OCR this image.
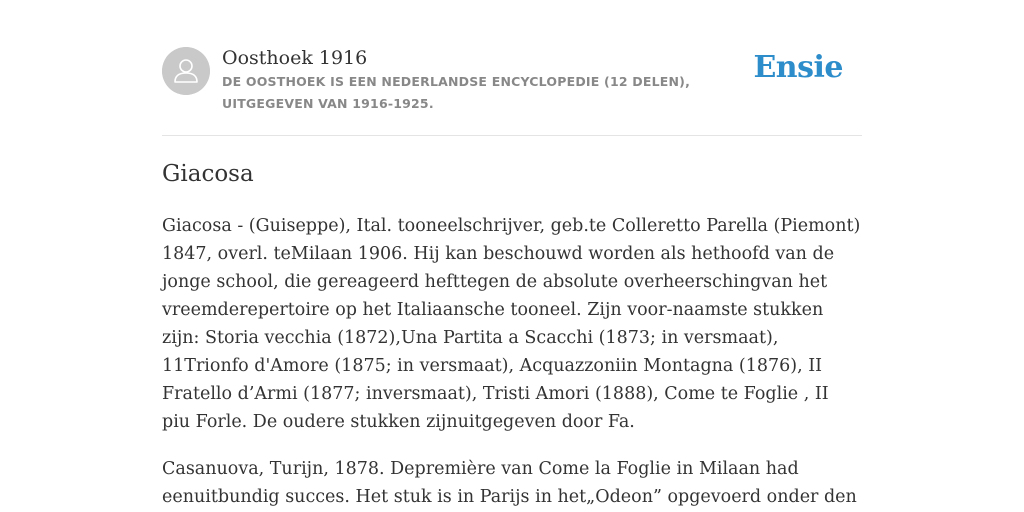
Oosthoek 1916
DE OOSTHOEK IS EEN NEDERLANDSE ENCYCLOPEDIE (12 DELEN), UITGEGEVEN VAN 1916-1925.
Ensie
Giacosa

Giacosa - (Guiseppe), Ital. tooneelschrijver, geb.te Colleretto Parella (Piemont) 1847, overl. teMilaan 1906. Hij kan beschouwd worden als hethoofd van de jonge school, die gereageerd hefttegen de absolute overheerschingvan het vreemderepertoire op het Italiaansche tooneel. Zijn voor-naamste stukken zijn: Storia vecchia (1872),Una Partita a Scacchi (1873; in versmaat), 11Trionfo d'Amore (1875; in versmaat), Acquazzoniin Montagna (1876), II Fratello d’Armi (1877; inversmaat), Tristi Amori (1888), Come te Foglie , II piu Forle. De oudere stukken zijnuitgegeven door Fa.

Casanuova, Turijn, 1878. Depremière van Come la Foglie in Milaan had eenuitbundig succes. Het stuk is in Parijs in het„Odeon” opgevoerd onder den
